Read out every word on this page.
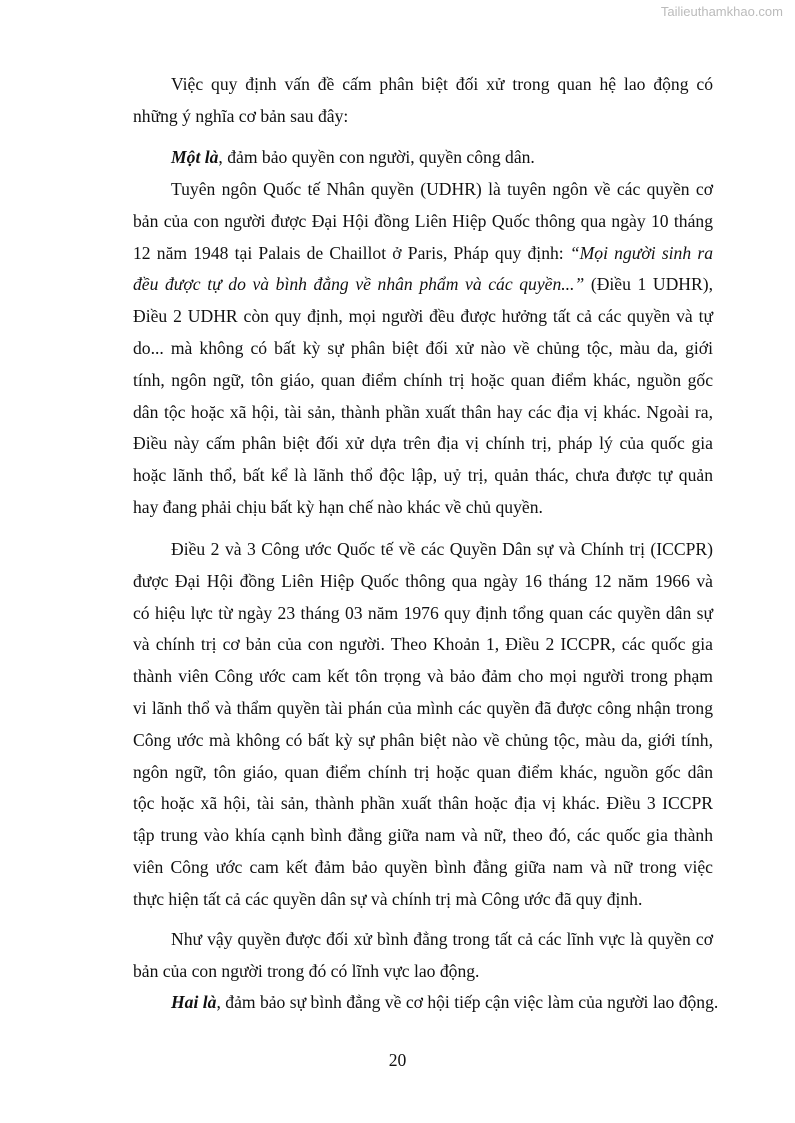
Tailieuthamkhao.com
Việc quy định vấn đề cấm phân biệt đối xử trong quan hệ lao động có
những ý nghĩa cơ bản sau đây:
Một là, đảm bảo quyền con người, quyền công dân.
Tuyên ngôn Quốc tế Nhân quyền (UDHR) là tuyên ngôn về các quyền cơ
bản của con người được Đại Hội đồng Liên Hiệp Quốc thông qua ngày 10 tháng
12 năm 1948 tại Palais de Chaillot ở Paris, Pháp quy định: “Mọi người sinh ra
đều được tự do và bình đẳng về nhân phẩm và các quyền...” (Điều 1 UDHR),
Điều 2 UDHR còn quy định, mọi người đều được hưởng tất cả các quyền và tự
do... mà không có bất kỳ sự phân biệt đối xử nào về chủng tộc, màu da, giới
tính, ngôn ngữ, tôn giáo, quan điểm chính trị hoặc quan điểm khác, nguồn gốc
dân tộc hoặc xã hội, tài sản, thành phần xuất thân hay các địa vị khác. Ngoài ra,
Điều này cấm phân biệt đối xử dựa trên địa vị chính trị, pháp lý của quốc gia
hoặc lãnh thổ, bất kể là lãnh thổ độc lập, uỷ trị, quản thác, chưa được tự quản
hay đang phải chịu bất kỳ hạn chế nào khác về chủ quyền.
Điều 2 và 3 Công ước Quốc tế về các Quyền Dân sự và Chính trị (ICCPR)
được Đại Hội đồng Liên Hiệp Quốc thông qua ngày 16 tháng 12 năm 1966 và
có hiệu lực từ ngày 23 tháng 03 năm 1976 quy định tổng quan các quyền dân sự
và chính trị cơ bản của con người. Theo Khoản 1, Điều 2 ICCPR, các quốc gia
thành viên Công ước cam kết tôn trọng và bảo đảm cho mọi người trong phạm
vi lãnh thổ và thẩm quyền tài phán của mình các quyền đã được công nhận trong
Công ước mà không có bất kỳ sự phân biệt nào về chủng tộc, màu da, giới tính,
ngôn ngữ, tôn giáo, quan điểm chính trị hoặc quan điểm khác, nguồn gốc dân
tộc hoặc xã hội, tài sản, thành phần xuất thân hoặc địa vị khác. Điều 3 ICCPR
tập trung vào khía cạnh bình đẳng giữa nam và nữ, theo đó, các quốc gia thành
viên Công ước cam kết đảm bảo quyền bình đẳng giữa nam và nữ trong việc
thực hiện tất cả các quyền dân sự và chính trị mà Công ước đã quy định.
Như vậy quyền được đối xử bình đẳng trong tất cả các lĩnh vực là quyền cơ
bản của con người trong đó có lĩnh vực lao động.
Hai là, đảm bảo sự bình đẳng về cơ hội tiếp cận việc làm của người lao động.
20
